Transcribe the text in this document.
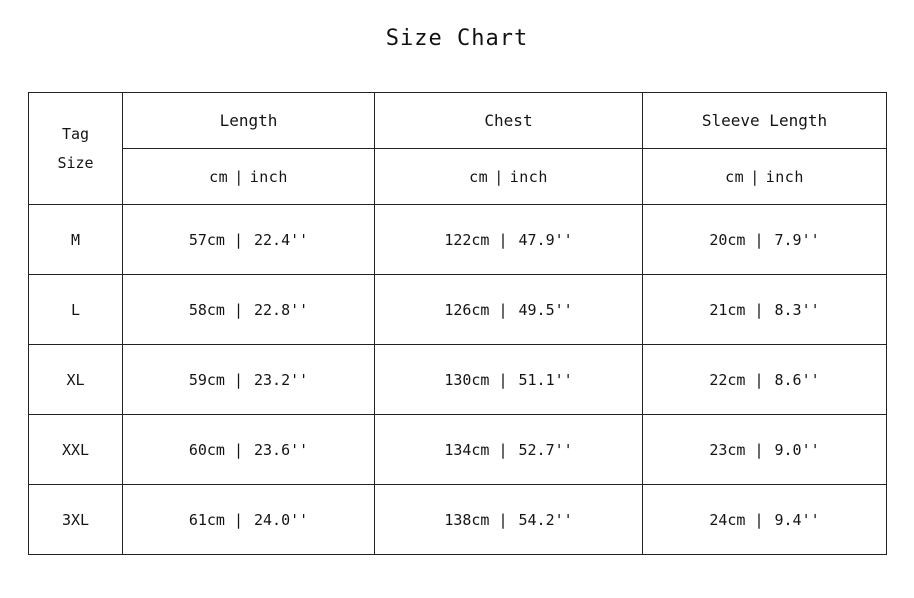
Size Chart
Tag
Size	Length	Chest	Sleeve Length
	cm | inch	cm | inch	cm | inch
M	57cm | 22.4''	122cm | 47.9''	20cm | 7.9''
L	58cm | 22.8''	126cm | 49.5''	21cm | 8.3''
XL	59cm | 23.2''	130cm | 51.1''	22cm | 8.6''
XXL	60cm | 23.6''	134cm | 52.7''	23cm | 9.0''
3XL	61cm | 24.0''	138cm | 54.2''	24cm | 9.4''
